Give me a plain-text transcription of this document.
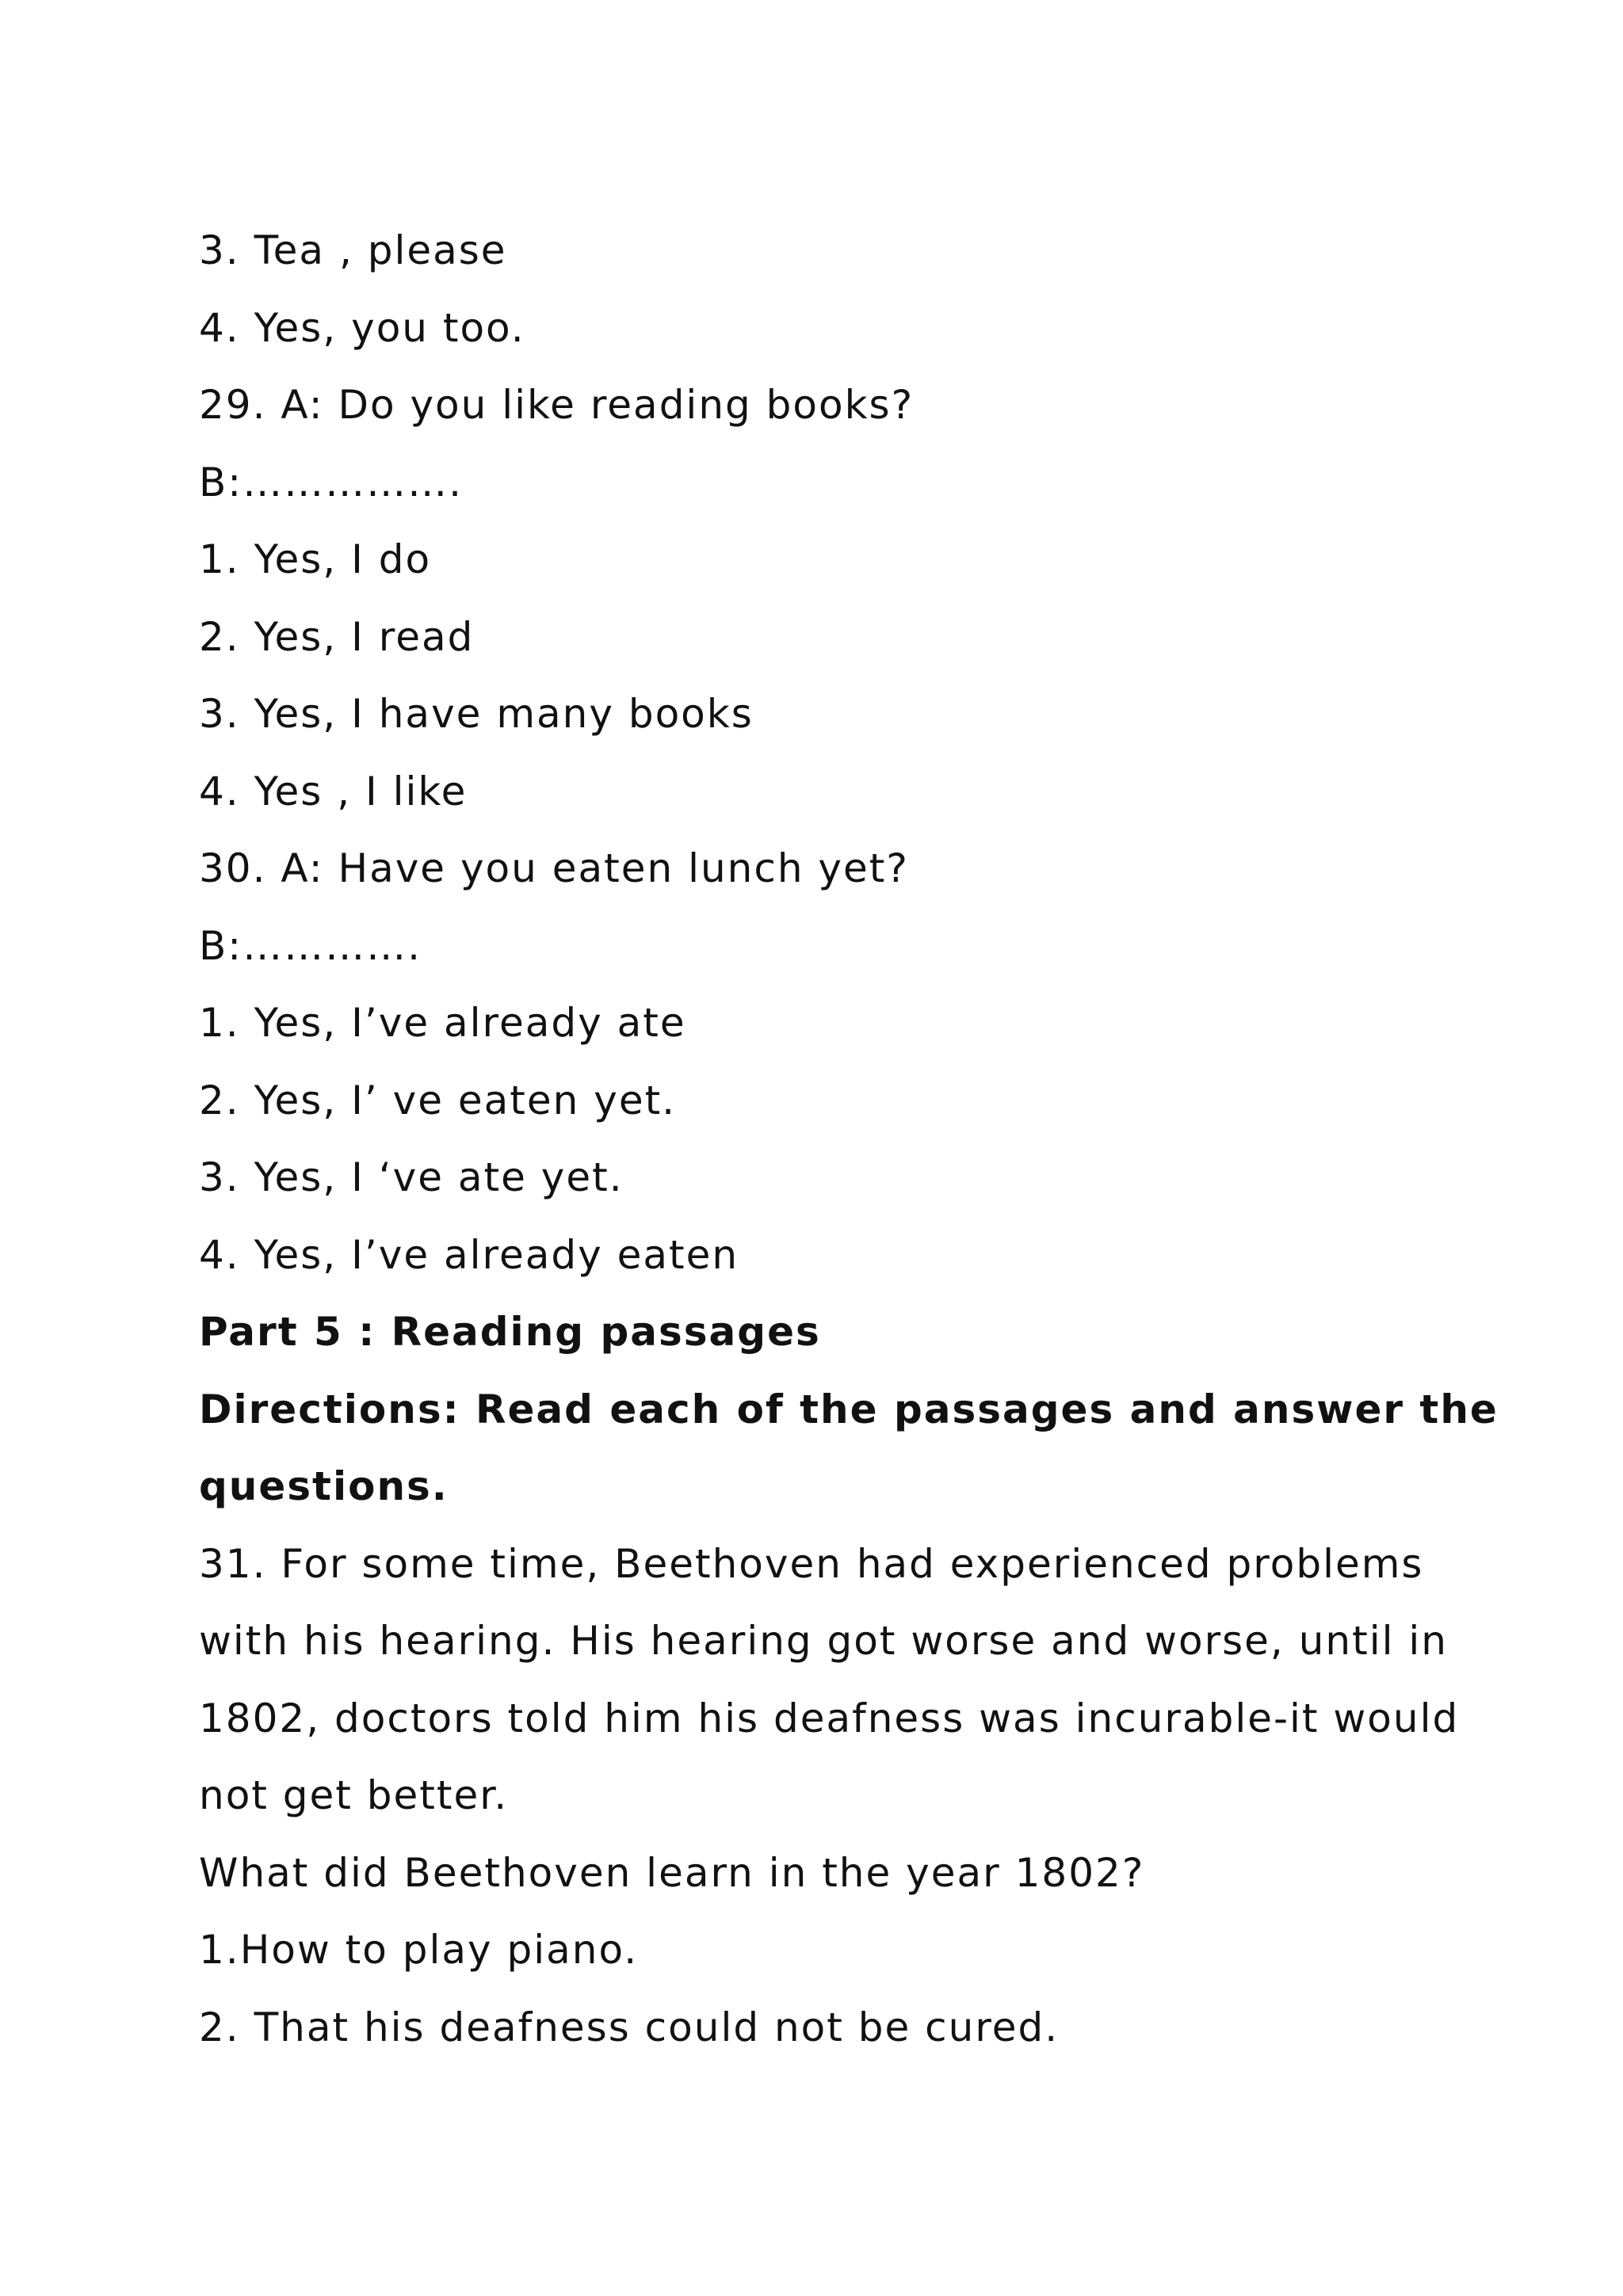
3. Tea , please
4. Yes, you too.
29. A: Do you like reading books?
B:…………….
1. Yes, I do
2. Yes, I read
3. Yes, I have many books
4. Yes , I like
30. A: Have you eaten lunch yet?
B:………….
1. Yes, I’ve already ate
2. Yes, I’ ve eaten yet.
3. Yes, I ‘ve ate yet.
4. Yes, I’ve already eaten
Part 5 : Reading passages
Directions: Read each of the passages and answer the
questions.
31. For some time, Beethoven had experienced problems
with his hearing. His hearing got worse and worse, until in
1802, doctors told him his deafness was incurable-it would
not get better.
What did Beethoven learn in the year 1802?
1.How to play piano.
2. That his deafness could not be cured.
